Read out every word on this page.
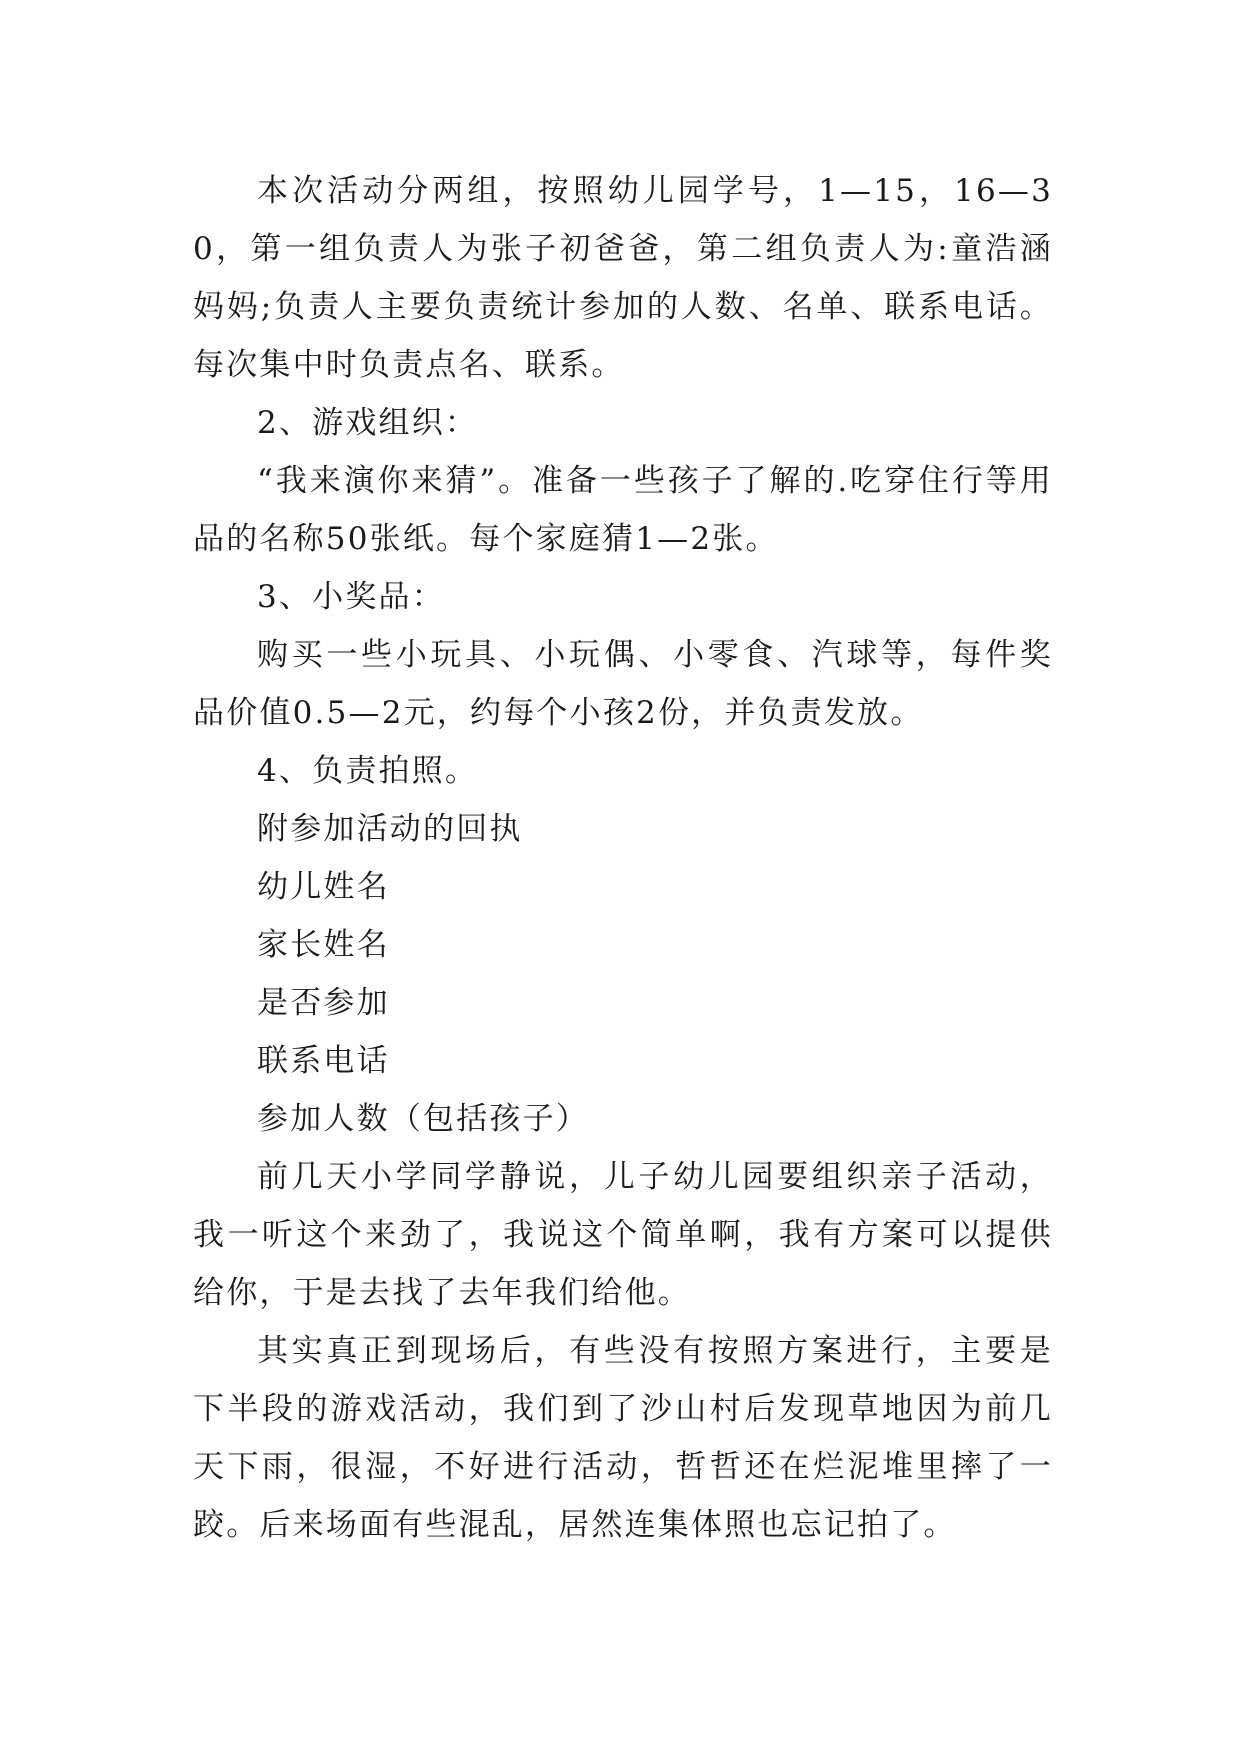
本次活动分两组，按照幼儿园学号，1—15，16—30，第一组负责人为张子初爸爸，第二组负责人为:童浩涵妈妈;负责人主要负责统计参加的人数、名单、联系电话。每次集中时负责点名、联系。

2、游戏组织：

“我来演你来猜”。准备一些孩子了解的.吃穿住行等用品的名称50张纸。每个家庭猜1—2张。

3、小奖品：

购买一些小玩具、小玩偶、小零食、汽球等，每件奖品价值0.5—2元，约每个小孩2份，并负责发放。

4、负责拍照。

附参加活动的回执

幼儿姓名

家长姓名

是否参加

联系电话

参加人数（包括孩子）

前几天小学同学静说，儿子幼儿园要组织亲子活动，我一听这个来劲了，我说这个简单啊，我有方案可以提供给你，于是去找了去年我们给他。

其实真正到现场后，有些没有按照方案进行，主要是下半段的游戏活动，我们到了沙山村后发现草地因为前几天下雨，很湿，不好进行活动，哲哲还在烂泥堆里摔了一跤。后来场面有些混乱，居然连集体照也忘记拍了。
